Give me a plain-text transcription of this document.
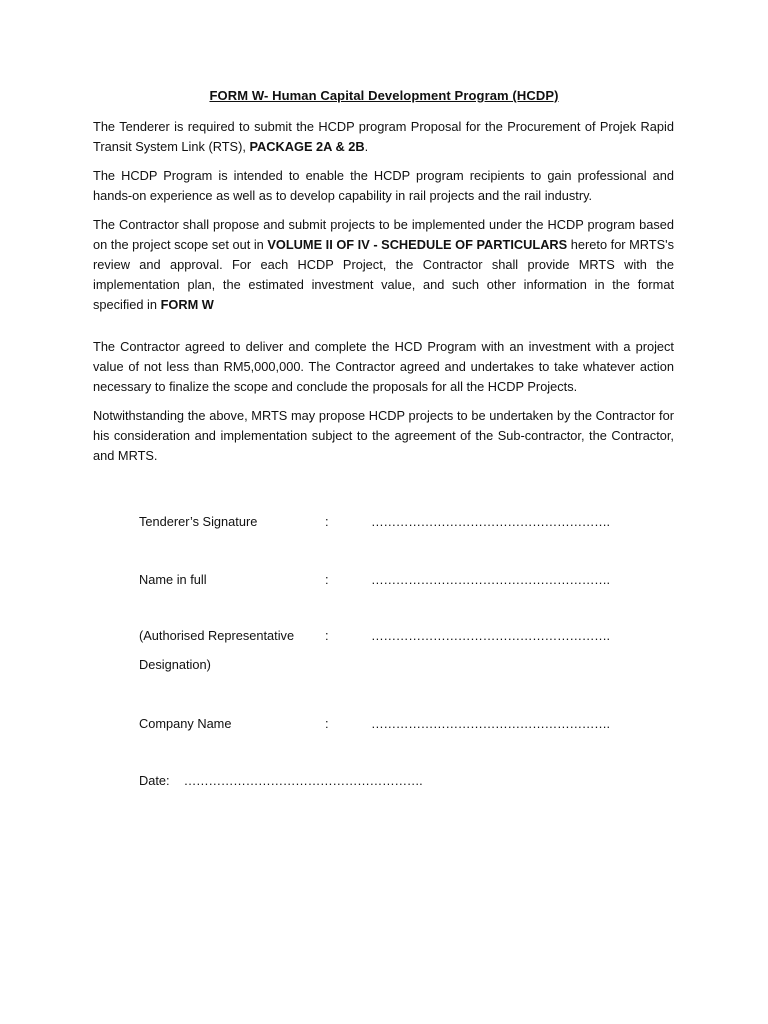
FORM W- Human Capital Development Program (HCDP)

The Tenderer is required to submit the HCDP program Proposal for the Procurement of Projek Rapid Transit System Link (RTS), PACKAGE 2A & 2B.

The HCDP Program is intended to enable the HCDP program recipients to gain professional and hands-on experience as well as to develop capability in rail projects and the rail industry.

The Contractor shall propose and submit projects to be implemented under the HCDP program based on the project scope set out in VOLUME II OF IV - SCHEDULE OF PARTICULARS hereto for MRTS's review and approval. For each HCDP Project, the Contractor shall provide MRTS with the implementation plan, the estimated investment value, and such other information in the format specified in FORM W

The Contractor agreed to deliver and complete the HCD Program with an investment with a project value of not less than RM5,000,000. The Contractor agreed and undertakes to take whatever action necessary to finalize the scope and conclude the proposals for all the HCDP Projects.

Notwithstanding the above, MRTS may propose HCDP projects to be undertaken by the Contractor for his consideration and implementation subject to the agreement of the Sub-contractor, the Contractor, and MRTS.

Tenderer’s Signature	:	………………………………………………….
Name in full	:	………………………………………………….
(Authorised Representative :	………………………………………………….
Designation)
Company Name	:	………………………………………………….
Date: ………………………………………………….
